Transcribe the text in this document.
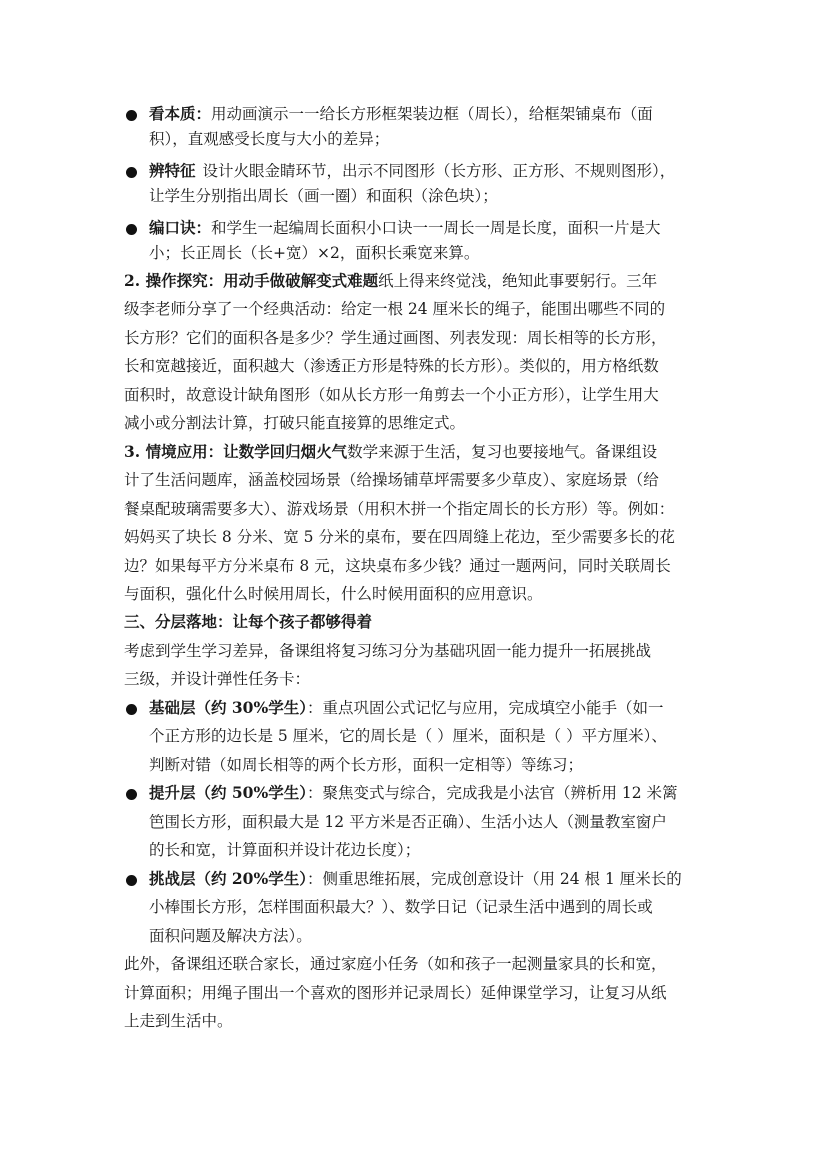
看本质：用动画演示一一给长方形框架装边框（周长），给框架铺桌布（面
积），直观感受长度与大小的差异；
辨特征 设计火眼金睛环节，出示不同图形（长方形、正方形、不规则图形），
让学生分别指出周长（画一圈）和面积（涂色块）；
编口诀：和学生一起编周长面积小口诀一一周长一周是长度，面积一片是大
小；长正周长（长+宽）×2，面积长乘宽来算。
2. 操作探究：用动手做破解变式难题纸上得来终觉浅，绝知此事要躬行。三年
级李老师分享了一个经典活动：给定一根 24 厘米长的绳子，能围出哪些不同的
长方形？它们的面积各是多少？学生通过画图、列表发现：周长相等的长方形，
长和宽越接近，面积越大（渗透正方形是特殊的长方形）。类似的，用方格纸数
面积时，故意设计缺角图形（如从长方形一角剪去一个小正方形），让学生用大
减小或分割法计算，打破只能直接算的思维定式。
3. 情境应用：让数学回归烟火气数学来源于生活，复习也要接地气。备课组设
计了生活问题库，涵盖校园场景（给操场铺草坪需要多少草皮）、家庭场景（给
餐桌配玻璃需要多大）、游戏场景（用积木拼一个指定周长的长方形）等。例如：
妈妈买了块长 8 分米、宽 5 分米的桌布，要在四周缝上花边，至少需要多长的花
边？如果每平方分米桌布 8 元，这块桌布多少钱？通过一题两问，同时关联周长
与面积，强化什么时候用周长，什么时候用面积的应用意识。
三、分层落地：让每个孩子都够得着
考虑到学生学习差异，备课组将复习练习分为基础巩固一能力提升一拓展挑战
三级，并设计弹性任务卡：
基础层（约 30%学生）：重点巩固公式记忆与应用，完成填空小能手（如一
个正方形的边长是 5 厘米，它的周长是（ ）厘米，面积是（ ）平方厘米）、
判断对错（如周长相等的两个长方形，面积一定相等）等练习；
提升层（约 50%学生）：聚焦变式与综合，完成我是小法官（辨析用 12 米篱
笆围长方形，面积最大是 12 平方米是否正确）、生活小达人（测量教室窗户
的长和宽，计算面积并设计花边长度）；
挑战层（约 20%学生）：侧重思维拓展，完成创意设计（用 24 根 1 厘米长的
小棒围长方形，怎样围面积最大？）、数学日记（记录生活中遇到的周长或
面积问题及解决方法）。
此外，备课组还联合家长，通过家庭小任务（如和孩子一起测量家具的长和宽，
计算面积；用绳子围出一个喜欢的图形并记录周长）延伸课堂学习，让复习从纸
上走到生活中。
